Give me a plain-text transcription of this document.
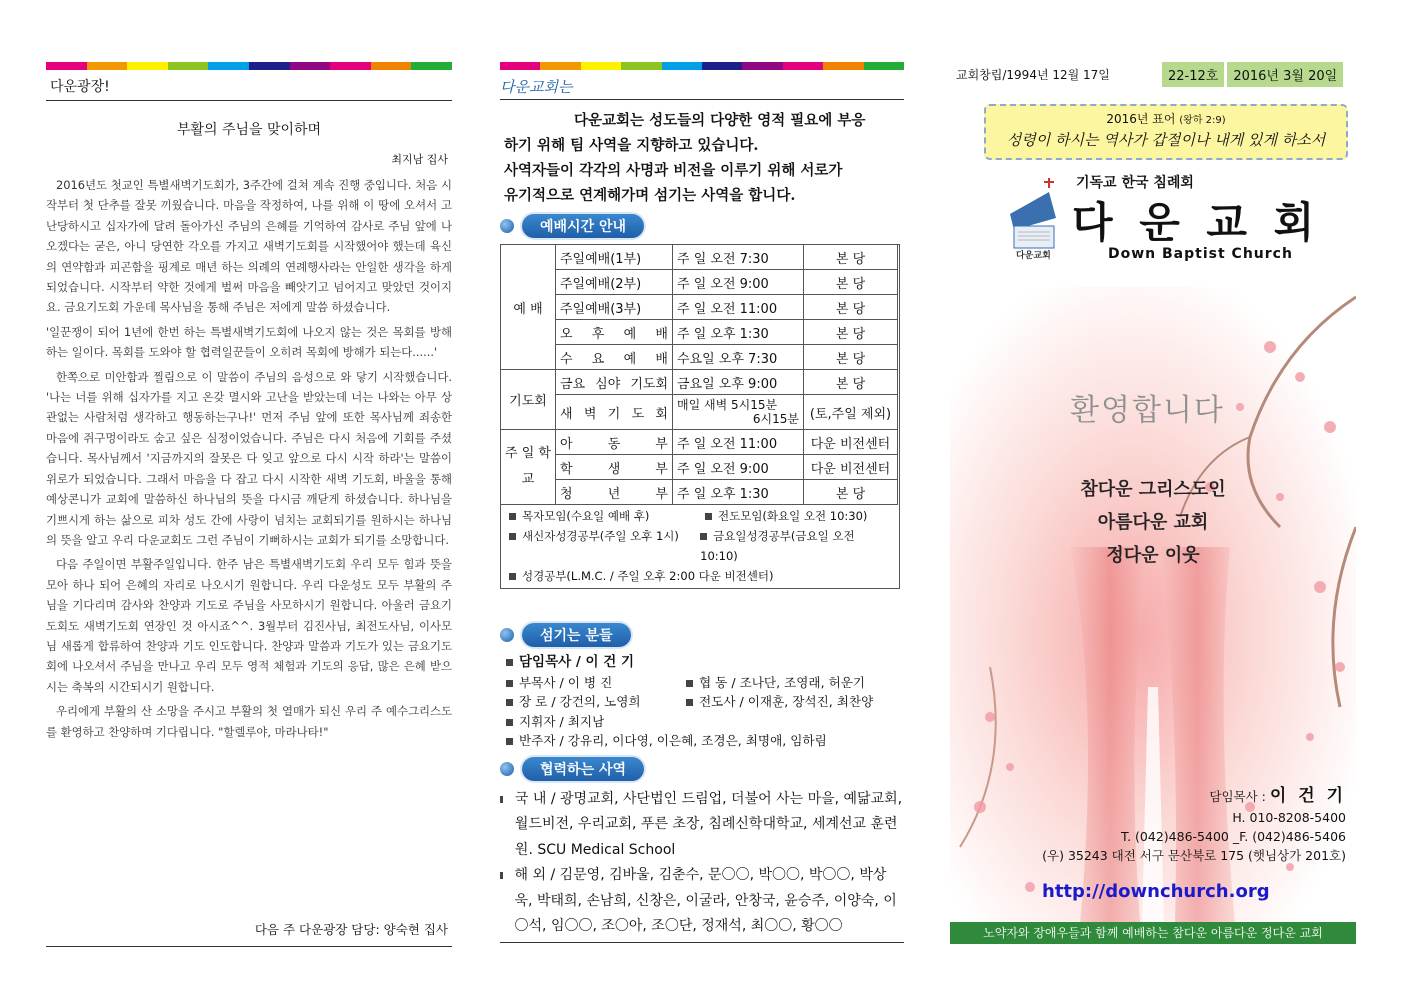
다운광장!
부활의 주님을 맞이하며
최지남 집사

2016년도 첫교인 특별새벽기도회가, 3주간에 걸쳐 계속 진행 중입니다. 처음 시작부터 첫 단추를 잘못 끼웠습니다. 마음을 작정하여, 나를 위해 이 땅에 오셔서 고난당하시고 십자가에 달려 돌아가신 주님의 은혜를 기억하여 감사로 주님 앞에 나오겠다는 굳은, 아니 당연한 각오를 가지고 새벽기도회를 시작했어야 했는데 육신의 연약함과 피곤함을 핑계로 매년 하는 의례의 연례행사라는 안일한 생각을 하게 되었습니다. 시작부터 약한 것에게 벌써 마음을 빼앗기고 넘어지고 맞았던 것이지요. 금요기도회 가운데 목사님을 통해 주님은 저에게 말씀 하셨습니다.

'일꾼쟁이 되어 1년에 한번 하는 특별새벽기도회에 나오지 않는 것은 목회를 방해하는 일이다. 목회를 도와야 할 협력일꾼들이 오히려 목회에 방해가 되는다......'

한쪽으로 미안함과 찔림으로 이 말씀이 주님의 음성으로 와 닿기 시작했습니다. '나는 너를 위해 십자가를 지고 온갖 멸시와 고난을 받았는데 너는 나와는 아무 상관없는 사람처럼 생각하고 행동하는구나!' 먼저 주님 앞에 또한 목사님께 죄송한 마음에 쥐구멍이라도 숨고 싶은 심정이었습니다. 주님은 다시 처음에 기회를 주셨습니다. 목사님께서 '지금까지의 잘못은 다 잊고 앞으로 다시 시작 하라'는 말씀이 위로가 되었습니다. 그래서 마음을 다 잡고 다시 시작한 새벽 기도회, 바울을 통해 예상콘니가 교회에 말씀하신 하나님의 뜻을 다시금 깨닫게 하셨습니다. 하나님을 기쁘시게 하는 삶으로 피차 성도 간에 사랑이 넘치는 교회되기를 원하시는 하나님의 뜻을 알고 우리 다운교회도 그런 주님이 기뻐하시는 교회가 되기를 소망합니다.

다음 주일이면 부활주일입니다. 한주 남은 특별새벽기도회 우리 모두 힘과 뜻을 모아 하나 되어 은혜의 자리로 나오시기 원합니다. 우리 다운성도 모두 부활의 주님을 기다리며 감사와 찬양과 기도로 주님을 사모하시기 원합니다. 아울러 금요기도회도 새벽기도회 연장인 것 아시죠^^. 3월부터 김진사님, 최전도사님, 이사모님 새롭게 합류하여 찬양과 기도 인도합니다. 찬양과 말씀과 기도가 있는 금요기도회에 나오셔서 주님을 만나고 우리 모두 영적 체험과 기도의 응답, 많은 은혜 받으시는 축복의 시간되시기 원합니다.

우리에게 부활의 산 소망을 주시고 부활의 첫 열매가 되신 우리 주 예수그리스도를 환영하고 찬양하며 기다립니다. "할렐루야, 마라나타!"

다음 주 다운광장 담당: 양숙현 집사
다운교회는
다운교회는 성도들의 다양한 영적 필요에 부응
하기 위해 팀 사역을 지향하고 있습니다.
사역자들이 각각의 사명과 비전을 이루기 위해 서로가
유기적으로 연계해가며 섬기는 사역을 합니다.
예배시간 안내
예 배	주일예배(1부)	주 일 오전 7:30	본 당
	주일예배(2부)	주 일 오전 9:00	본 당
	주일예배(3부)	주 일 오전 11:00	본 당
	오 후 예 배	주 일 오후 1:30	본 당
	수 요 예 배	수요일 오후 7:30	본 당
기도회	금요 심야 기도회	금요일 오후 9:00	본 당
	새 벽 기 도 회	매일 새벽 5시15분
6시15분	(토,주일 제외)
주 일 학 교	아 동 부	주 일 오전 11:00	다운 비전센터
	학 생 부	주 일 오전 9:00	다운 비전센터
	청 년 부	주 일 오후 1:30	본 당
목자모임(수요일 예배 후)	전도모임(화요일 오전 10:30)
새신자성경공부(주일 오후 1시)	금요일성경공부(금요일 오전 10:10)
성경공부(L.M.C. / 주일 오후 2:00 다운 비전센터)
섬기는 분들
담임목사 / 이 건 기
부목사 / 이 병 진	협 동 / 조나단, 조영래, 허운기
장 로 / 강건의, 노영희	전도사 / 이재훈, 장석진, 최찬양
지휘자 / 최지남
반주자 / 강유리, 이다영, 이은혜, 조경은, 최명애, 임하림
협력하는 사역
국 내 / 광명교회, 사단법인 드림업, 더불어 사는 마을, 예닮교회, 월드비전, 우리교회, 푸른 초장, 침례신학대학교, 세계선교 훈련원. SCU Medical School
해 외 / 김문영, 김바울, 김춘수, 문〇〇, 박〇〇, 박〇〇, 박상욱, 박태희, 손남희, 신창은, 이굴라, 안창국, 윤승주, 이양숙, 이〇석, 임〇〇, 조〇아, 조〇단, 정재석, 최〇〇, 황〇〇
교회창립/1994년 12월 17일	22-12호	2016년 3월 20일
2016년 표어 (왕하 2:9)
성령이 하시는 역사가 갑절이나 내게 있게 하소서
다운교회
기독교 한국 침례회
다 운 교 회
Down Baptist Church
환영합니다
참다운 그리스도인
아름다운 교회
정다운 이웃
담임목사 : 이 건 기
H. 010-8208-5400
T. (042)486-5400 _F. (042)486-5406
(우) 35243 대전 서구 문산북로 175 (햇님상가 201호)
http://downchurch.org
노약자와 장애우들과 함께 예배하는 참다운 아름다운 정다운 교회
